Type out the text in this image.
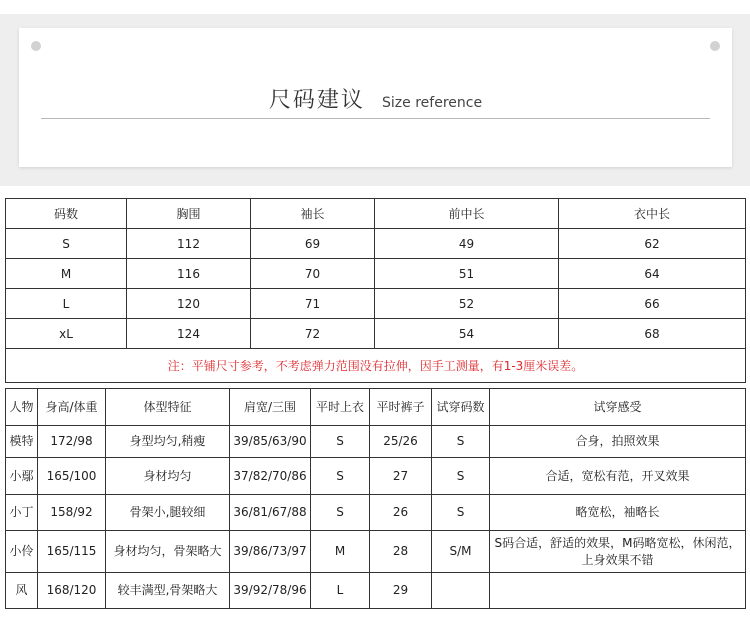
尺码建议 Size reference
码数	胸围	袖长	前中长	衣中长
S	112	69	49	62
M	116	70	51	64
L	120	71	52	66
xL	124	72	54	68
注：平铺尺寸参考，不考虑弹力范围没有拉伸，因手工测量，有1-3厘米误差。				
人物	身高/体重	体型特征	肩宽/三围	平时上衣	平时裤子	试穿码数	试穿感受
模特	172/98	身型均匀,稍瘦	39/85/63/90	S	25/26	S	合身，拍照效果
小鄢	165/100	身材均匀	37/82/70/86	S	27	S	合适，宽松有范，开叉效果
小丁	158/92	骨架小,腿较细	36/81/67/88	S	26	S	略宽松，袖略长
小伶	165/115	身材均匀，骨架略大	39/86/73/97	M	28	S/M	S码合适，舒适的效果，M码略宽松，休闲范，上身效果不错
风	168/120	较丰满型,骨架略大	39/92/78/96	L	29		
